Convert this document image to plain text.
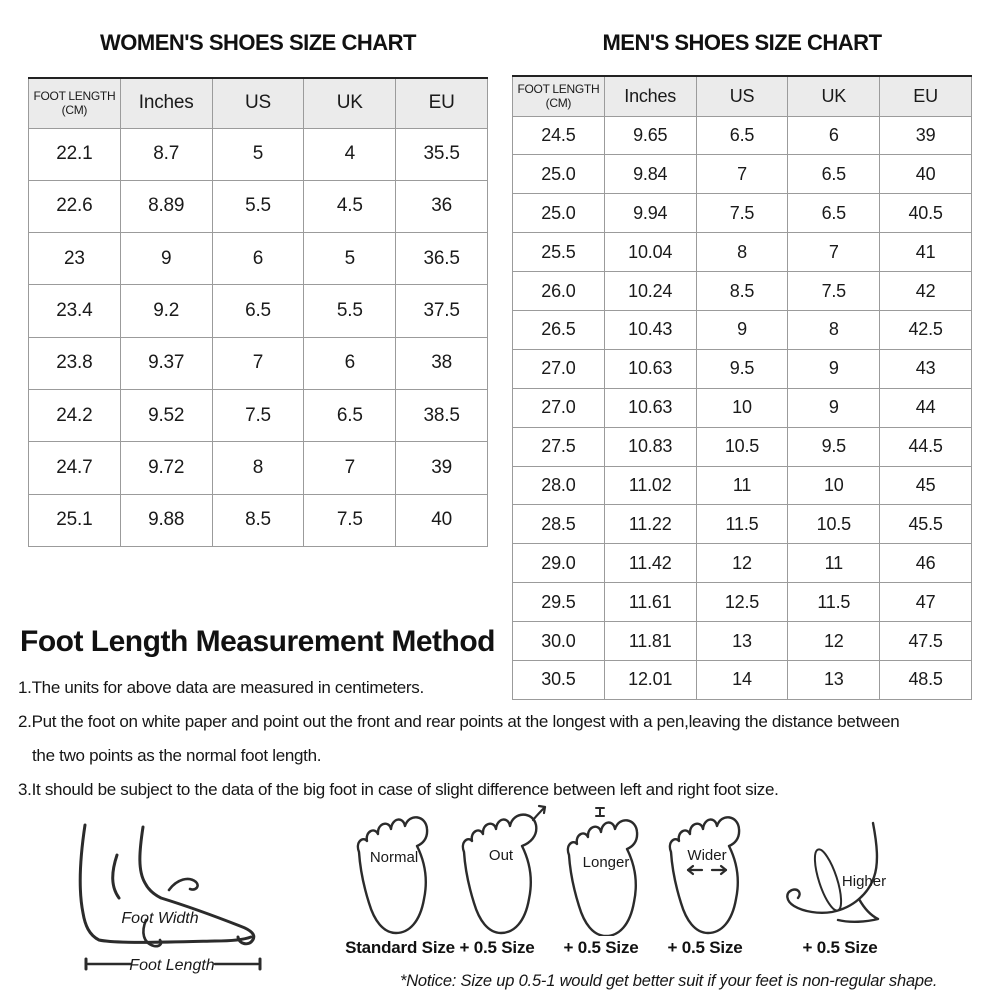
WOMEN'S SHOES SIZE CHART	MEN'S SHOES SIZE CHART
FOOT LENGTH
(CM)	Inches	US	UK	EU
22.1	8.7	5	4	35.5
22.6	8.89	5.5	4.5	36
23	9	6	5	36.5
23.4	9.2	6.5	5.5	37.5
23.8	9.37	7	6	38
24.2	9.52	7.5	6.5	38.5
24.7	9.72	8	7	39
25.1	9.88	8.5	7.5	40
FOOT LENGTH
(CM)	Inches	US	UK	EU
24.5	9.65	6.5	6	39
25.0	9.84	7	6.5	40
25.0	9.94	7.5	6.5	40.5
25.5	10.04	8	7	41
26.0	10.24	8.5	7.5	42
26.5	10.43	9	8	42.5
27.0	10.63	9.5	9	43
27.0	10.63	10	9	44
27.5	10.83	10.5	9.5	44.5
28.0	11.02	11	10	45
28.5	11.22	11.5	10.5	45.5
29.0	11.42	12	11	46
29.5	11.61	12.5	11.5	47
30.0	11.81	13	12	47.5
30.5	12.01	14	13	48.5
Foot Length Measurement Method
1.The units for above data are measured in centimeters.
2.Put the foot on white paper and point out the front and rear points at the longest with a pen,leaving the distance between
the two points as the normal foot length.
3.It should be subject to the data of the big foot in case of slight difference between left and right foot size.
Foot Width
Foot Length
Normal	Out	Longer	Wider
Higher
Standard Size + 0.5 Size	+ 0.5 Size	+ 0.5 Size	+ 0.5 Size
*Notice: Size up 0.5-1 would get better suit if your feet is non-regular shape.
